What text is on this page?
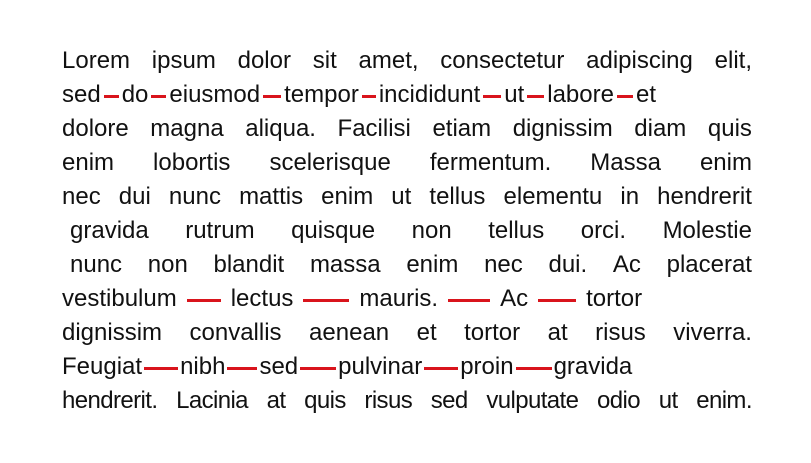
Lorem ipsum dolor sit amet, consectetur adipiscing elit,
sed do eiusmod tempor incididunt ut labore et
dolore magna aliqua. Facilisi etiam dignissim diam quis
enim lobortis scelerisque fermentum. Massa enim
nec dui nunc mattis enim ut tellus elementu in hendrerit
gravida rutrum quisque non tellus orci. Molestie
nunc non blandit massa enim nec dui. Ac placerat
vestibulum lectus	mauris.	Ac tortor
dignissim convallis aenean et tortor at risus viverra.
Feugiat nibh sed pulvinar proin gravida
hendrerit. Lacinia at quis risus sed vulputate odio ut enim.
